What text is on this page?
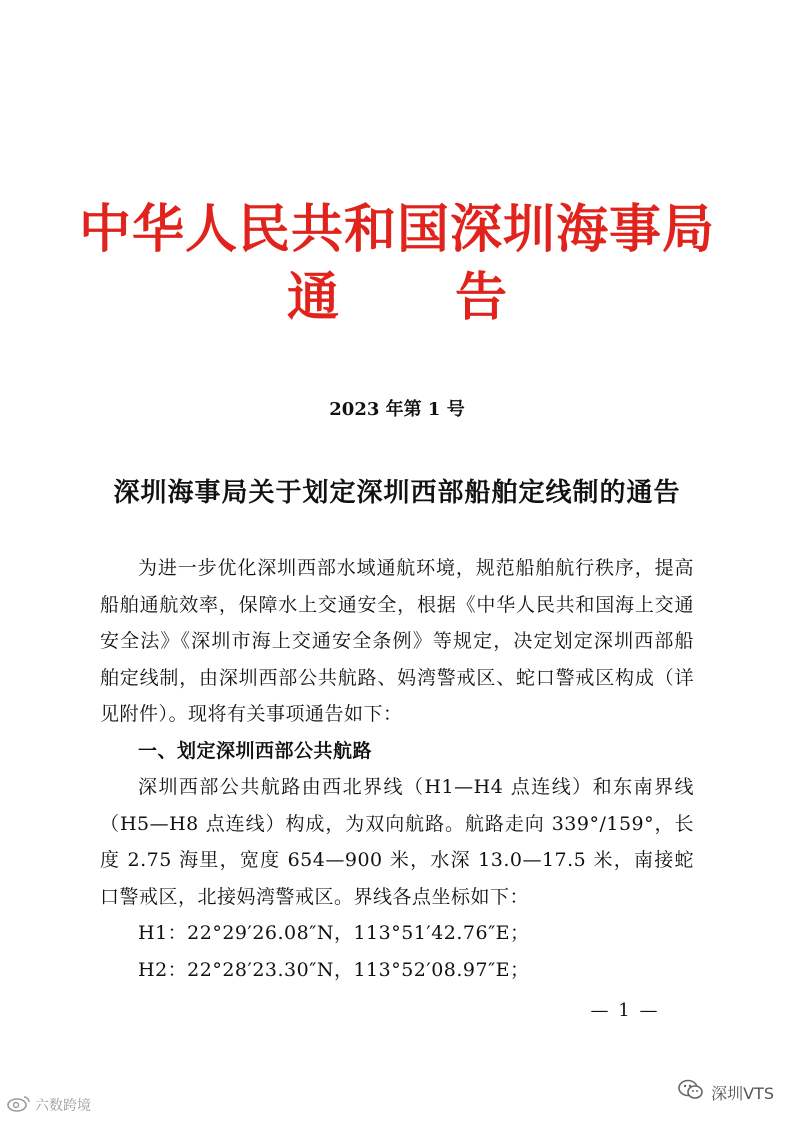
中华人民共和国深圳海事局
通 告
2023 年第 1 号
深圳海事局关于划定深圳西部船舶定线制的通告

为进一步优化深圳西部水域通航环境，规范船舶航行秩序，提高船舶通航效率，保障水上交通安全，根据《中华人民共和国海上交通安全法》《深圳市海上交通安全条例》等规定，决定划定深圳西部船舶定线制，由深圳西部公共航路、妈湾警戒区、蛇口警戒区构成（详见附件）。现将有关事项通告如下：

一、划定深圳西部公共航路

深圳西部公共航路由西北界线（H1—H4 点连线）和东南界线（H5—H8 点连线）构成，为双向航路。航路走向 339°/159°，长度 2.75 海里，宽度 654—900 米，水深 13.0—17.5 米，南接蛇口警戒区，北接妈湾警戒区。界线各点坐标如下：

H1：22°29′26.08″N，113°51′42.76″E；
H2：22°28′23.30″N，113°52′08.97″E；
— 1 —
六数跨境
深圳VTS
